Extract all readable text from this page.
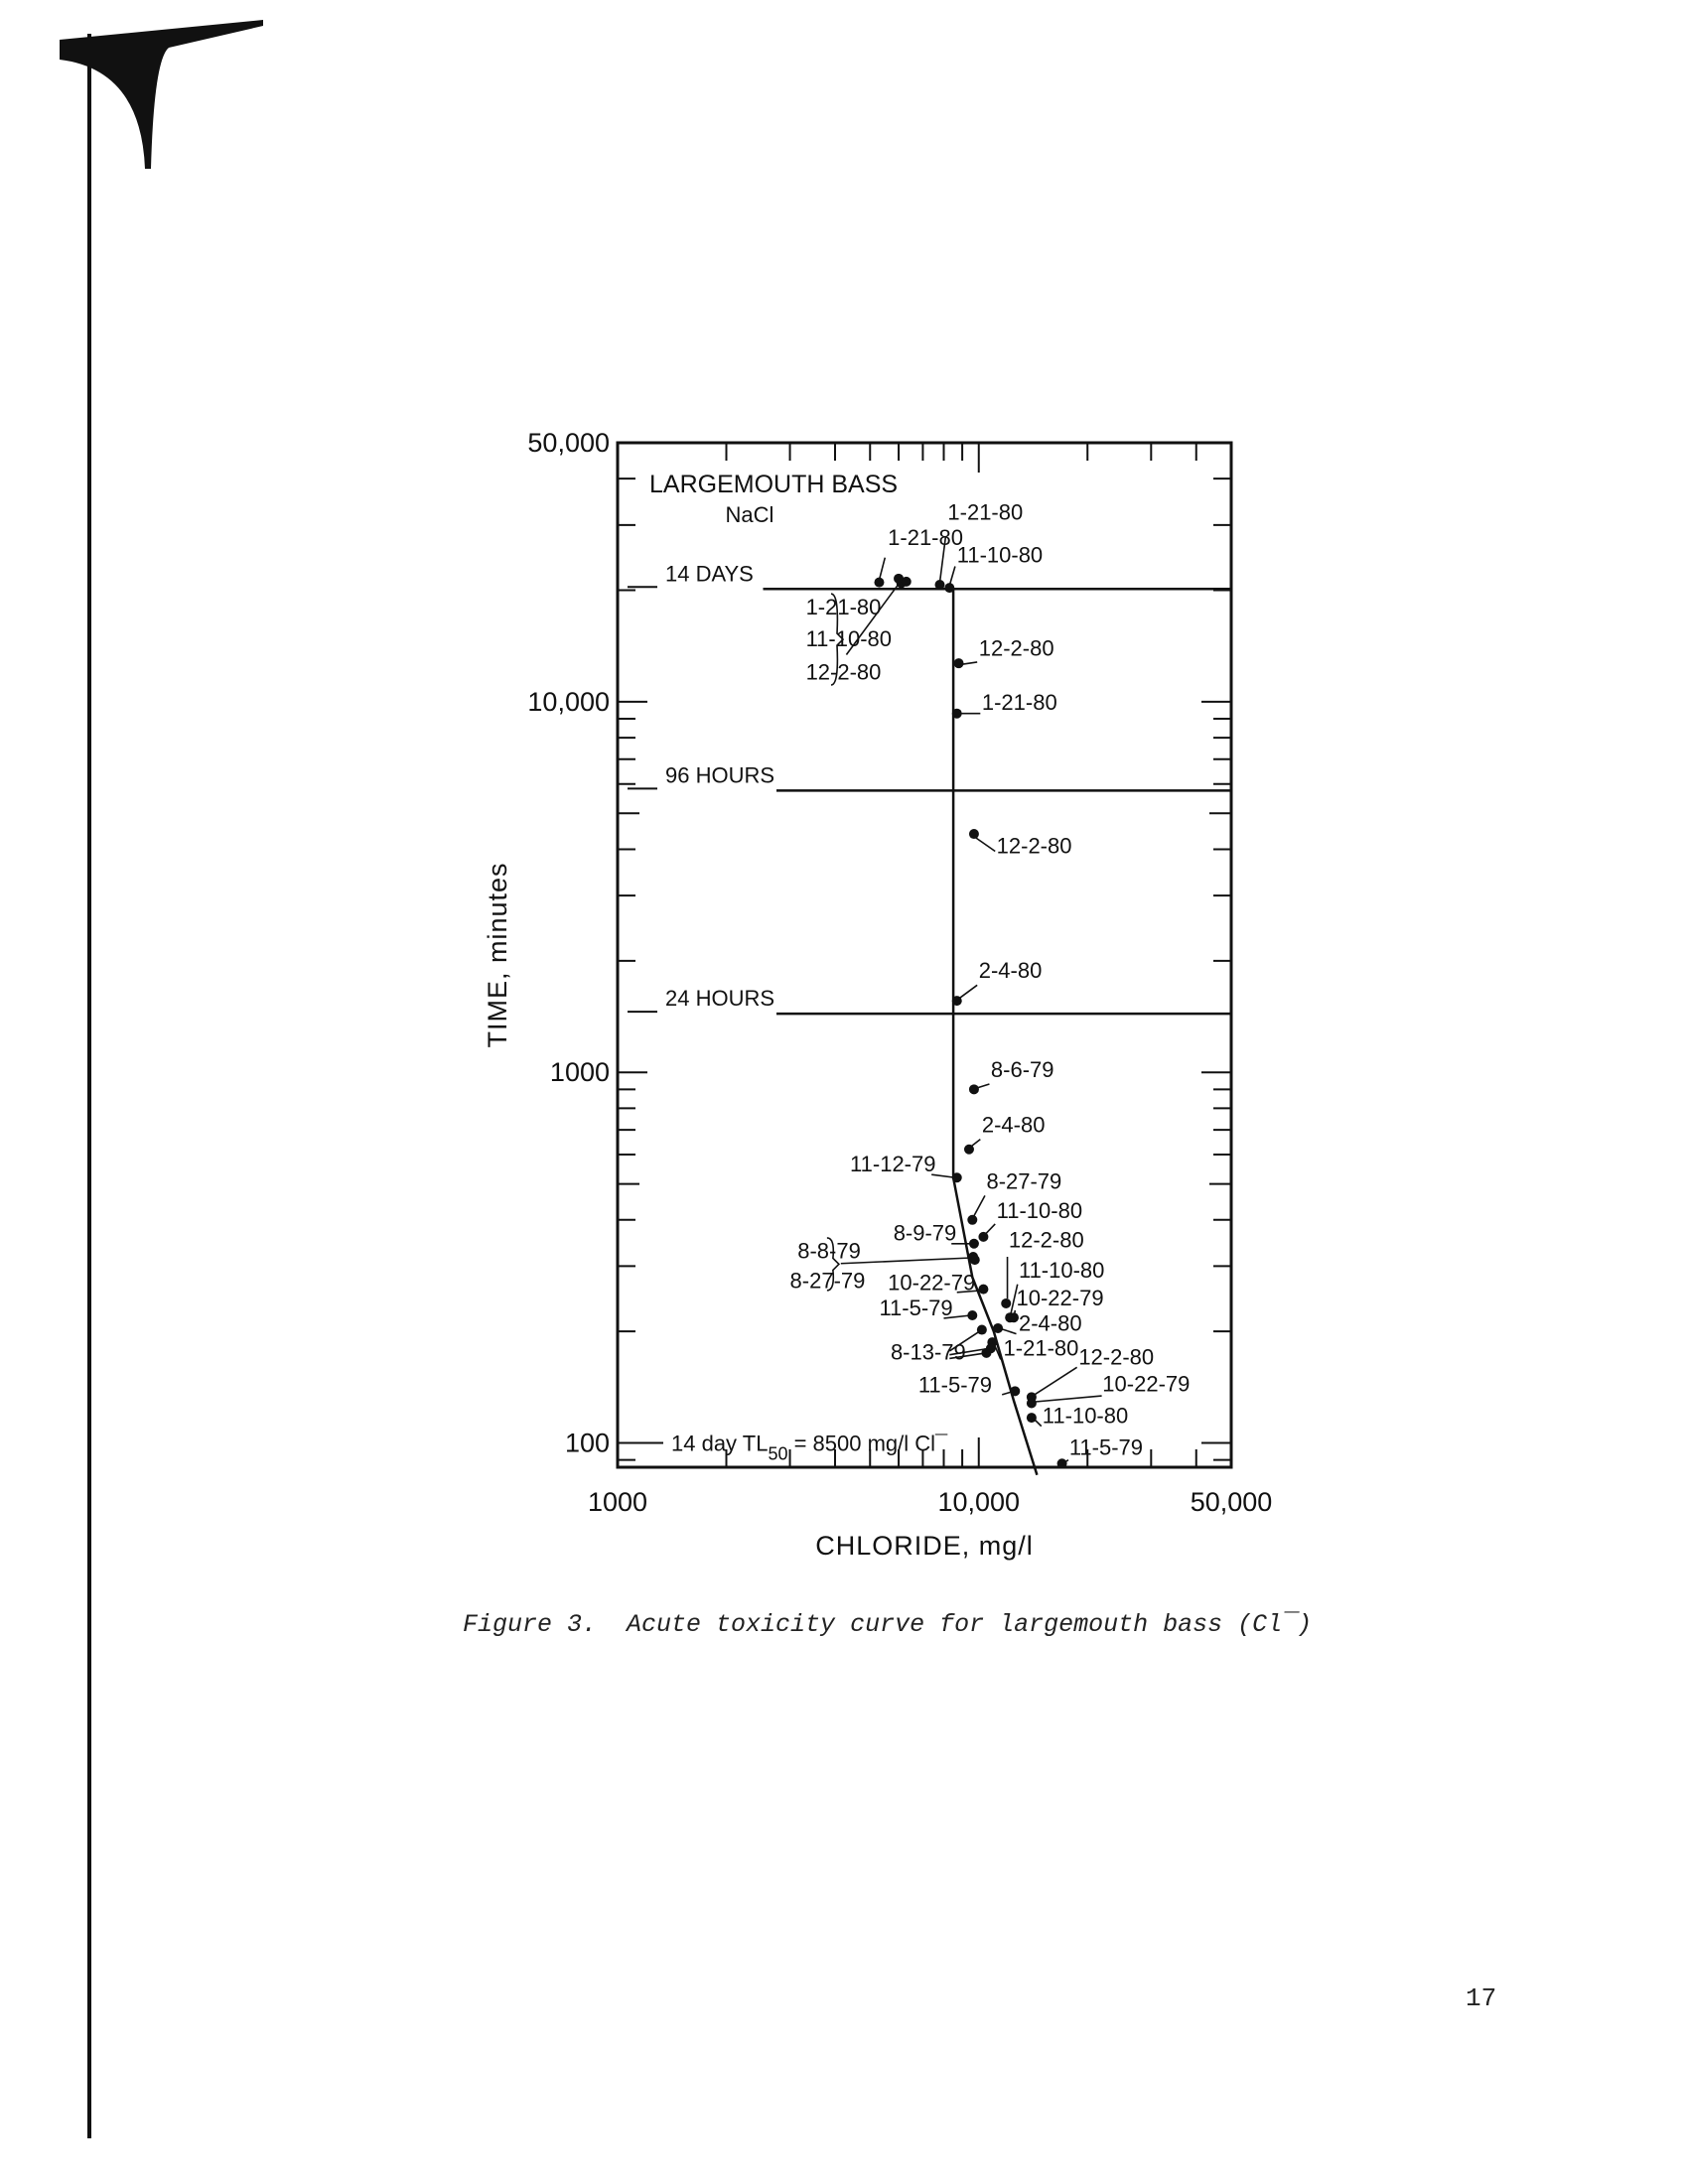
1-21-80
1-21-80
11-10-80
1-21-80
11-10-80
12-2-80
12-2-80
1-21-80
12-2-80
2-4-80
8-6-79
2-4-80
11-12-79
8-27-79
11-10-80
12-2-80
8-9-79
8-8-79
8-27-79	11-10-80
10-22-79
10-22-79
11-5-79
2-4-80
8-13-79 1-21-80 12-2-80
11-5-79	10-22-79
11-10-80
11-5-79
50,000
10,000
1000
100
1000	10,000	50,000
CHLORIDE, mg/l
TIME, minutes
LARGEMOUTH BASS
NaCl
14 DAYS
96 HOURS
24 HOURS
14 day $TL_{50} = 8500$ mg/l Cl¯
Figure 3.  Acute toxicity curve for largemouth bass (Cl¯)
17
